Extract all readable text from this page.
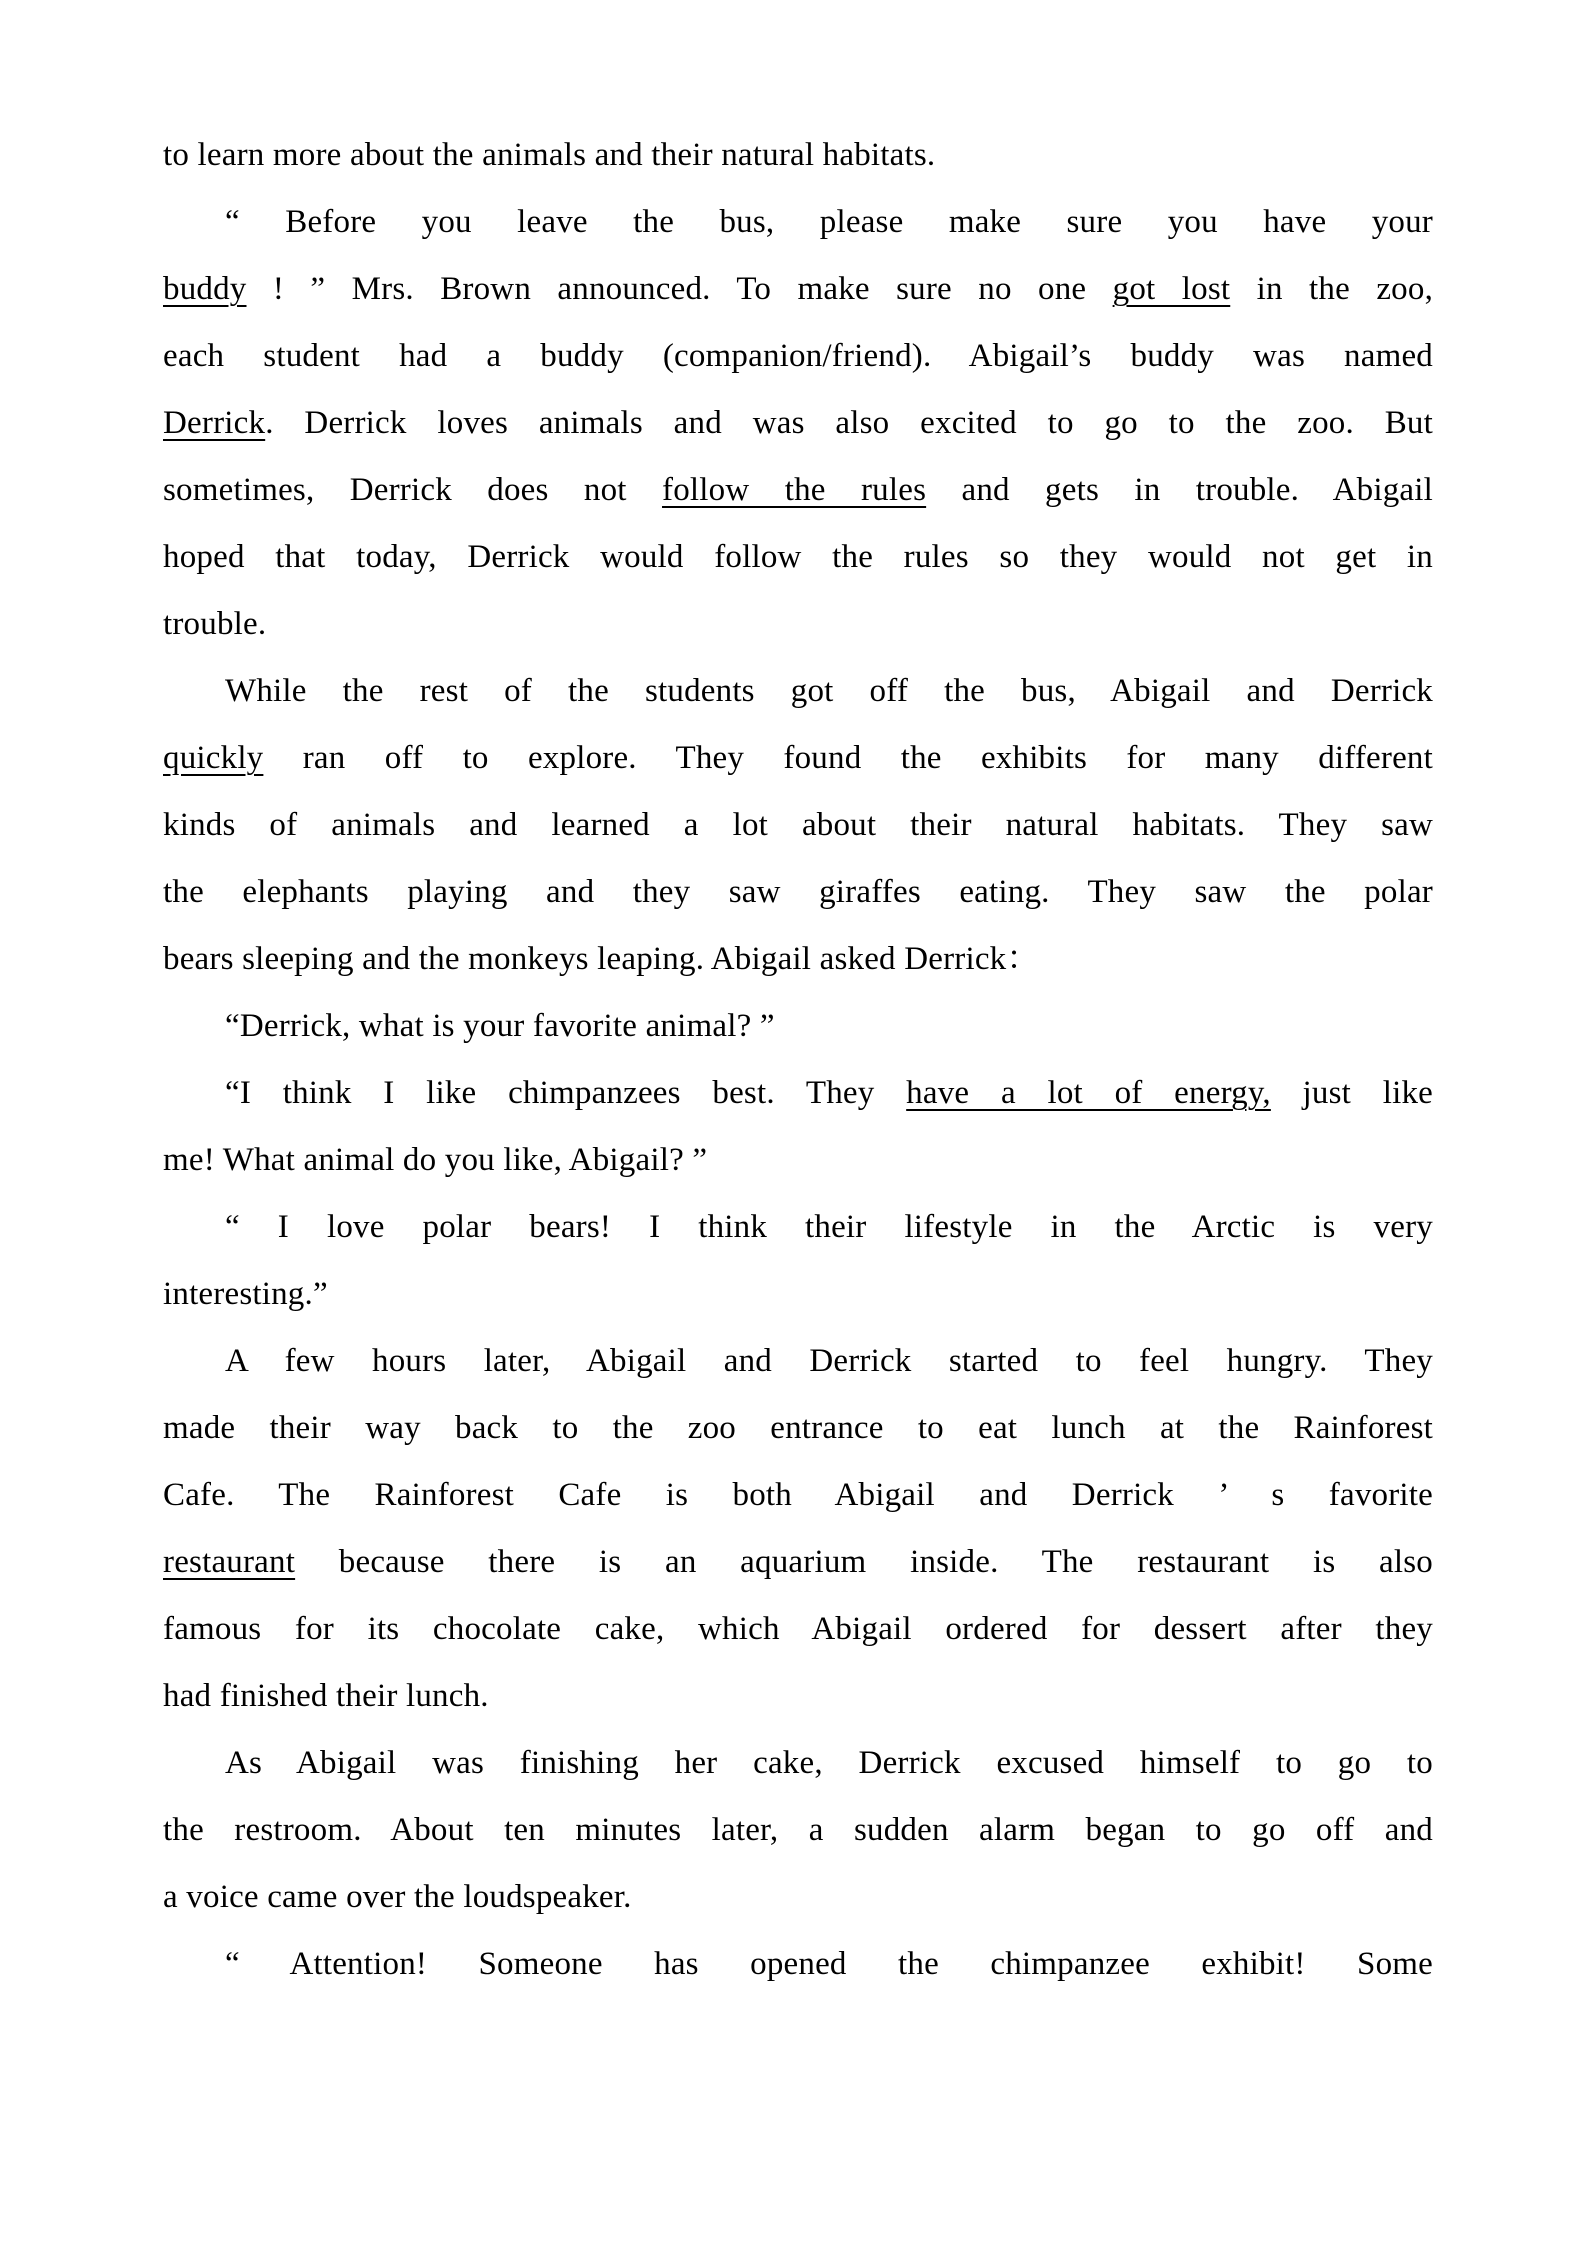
to learn more about the animals and their natural habitats.
“ Before you leave the bus, please make sure you have your
buddy ! ” Mrs. Brown announced. To make sure no one got lost in the zoo,
each student had a buddy (companion/friend). Abigail’s buddy was named
Derrick. Derrick loves animals and was also excited to go to the zoo. But
sometimes, Derrick does not follow the rules and gets in trouble. Abigail
hoped that today, Derrick would follow the rules so they would not get in
trouble.
While the rest of the students got off the bus, Abigail and Derrick
quickly ran off to explore. They found the exhibits for many different
kinds of animals and learned a lot about their natural habitats. They saw
the elephants playing and they saw giraffes eating. They saw the polar
bears sleeping and the monkeys leaping. Abigail asked Derrick：
“Derrick, what is your favorite animal? ”
“I think I like chimpanzees best. They have a lot of energy, just like
me! What animal do you like, Abigail? ”
“ I love polar bears! I think their lifestyle in the Arctic is very
interesting.”
A few hours later, Abigail and Derrick started to feel hungry. They
made their way back to the zoo entrance to eat lunch at the Rainforest
Cafe. The Rainforest Cafe is both Abigail and Derrick ’ s favorite
restaurant because there is an aquarium inside. The restaurant is also
famous for its chocolate cake, which Abigail ordered for dessert after they
had finished their lunch.
As Abigail was finishing her cake, Derrick excused himself to go to
the restroom. About ten minutes later, a sudden alarm began to go off and
a voice came over the loudspeaker.
“ Attention! Someone has opened the chimpanzee exhibit! Some
